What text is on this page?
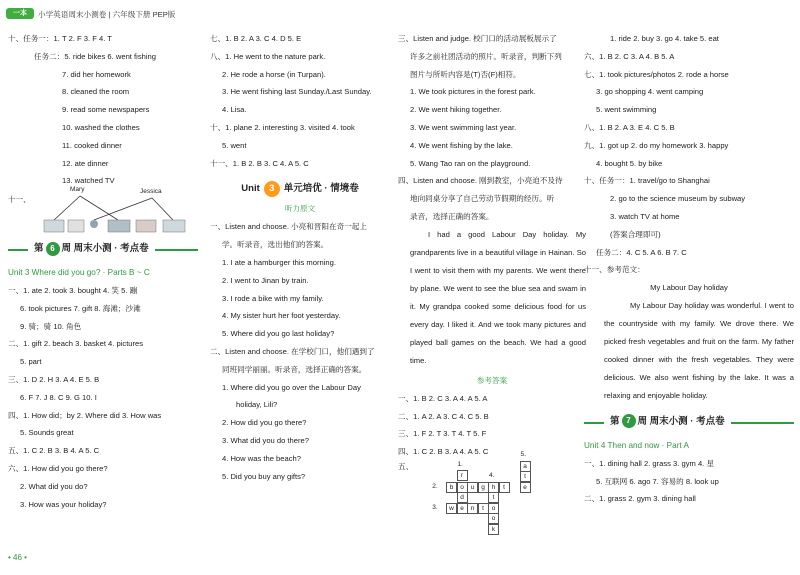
一本	小学英语周末小测卷 | 六年级下册 PEP版
十、任务一：1. T 2. F 3. F 4. T
任务二：5. ride bikes 6. went fishing
7. did her homework
8. cleaned the room
9. read some newspapers
10. washed the clothes
11. cooked dinner
12. ate dinner
13. watched TV
十一、
Mary	Jessica
第 6 周 周末小测 · 考点卷
Unit 3 Where did you go? · Parts B ~ C
一、1. ate 2. took 3. bought 4. 笑 5. 蹦
6. took pictures 7. gift 8. 海滩；沙滩
9. 骑；骑 10. 角色
二、1. gift 2. beach 3. basket 4. pictures
5. part
三、1. D 2. H 3. A 4. E 5. B
6. F 7. J 8. C 9. G 10. I
四、1. How did；by 2. Where did 3. How was
5. Sounds great
五、1. C 2. B 3. B 4. A 5. C
六、1. How did you go there?
2. What did you do?
3. How was your holiday?
七、1. B 2. A 3. C 4. D 5. E
八、1. He went to the nature park.
2. He rode a horse (in Turpan).
3. He went fishing last Sunday./Last Sunday.
4. Lisa.
十、1. plane 2. interesting 3. visited 4. took
5. went
十一、1. B 2. B 3. C 4. A 5. C
Unit 3 单元培优 · 情境卷
听力原文
一、Listen and choose. 小亮和晋阳在奇一起上
学。听录音，选出他们的答案。
1. I ate a hamburger this morning.
2. I went to Jinan by train.
3. I rode a bike with my family.
4. My sister hurt her foot yesterday.
5. Where did you go last holiday?
二、Listen and choose. 在学校门口，他们遇到了
同班同学丽丽。听录音，选择正确的答案。
1. Where did you go over the Labour Day
holiday, Lili?
2. How did you go there?
3. What did you do there?
4. How was the beach?
5. Did you buy any gifts?
三、Listen and judge. 校门口的活动展板展示了
许多之前社团活动的照片。听录音，判断下列
图片与所听内容是(T)否(F)相符。
1. We took pictures in the forest park.
2. We went hiking together.
3. We went swimming last year.
4. We went fishing by the lake.
5. Wang Tao ran on the playground.
四、Listen and choose. 刚到教室，小亮迫不及待
地向同桌分享了自己劳动节假期的经历。听
录音，选择正确的答案。
I had a good Labour Day holiday. My grandparents live in a beautiful village in Hainan. So I went to visit them with my parents. We went there by plane. We went to see the blue sea and swam in it. My grandpa cooked some delicious food for us every day. I liked it. And we took many pictures and played ball games on the beach. We had a good time.
参考答案
一、1. B 2. C 3. A 4. A 5. A
二、1. A 2. A 3. C 4. C 5. B
三、1. F 2. T 3. T 4. T 5. F
四、1. C 2. B 3. A 4. A 5. C
五、	1.
r
2.	b	o	u	g	h	t
d
3.	w e	n	t
4.
t
o
o
k
5.
a
t
e
1. ride 2. buy 3. go 4. take 5. eat
六、1. B 2. C 3. A 4. B 5. A
七、1. took pictures/photos 2. rode a horse
3. go shopping 4. went camping
5. went swimming
八、1. B 2. A 3. E 4. C 5. B
九、1. got up 2. do my homework 3. happy
4. bought 5. by bike
十、任务一：1. travel/go to Shanghai
2. go to the science museum by subway
3. watch TV at home
(答案合理即可)
任务二：4. C 5. A 6. B 7. C
十一、参考范文：
My Labour Day holiday
My Labour Day holiday was wonderful. I went to the countryside with my family. We drove there. We picked fresh vegetables and fruit on the farm. My father cooked dinner with the fresh vegetables. They were delicious. We also went fishing by the lake. It was a relaxing and enjoyable holiday.
第 7 周 周末小测 · 考点卷
Unit 4 Then and now · Part A
一、1. dining hall 2. grass 3. gym 4. 星
5. 互联网 6. ago 7. 容易的 8. look up
二、1. grass 2. gym 3. dining hall
• 46 •
